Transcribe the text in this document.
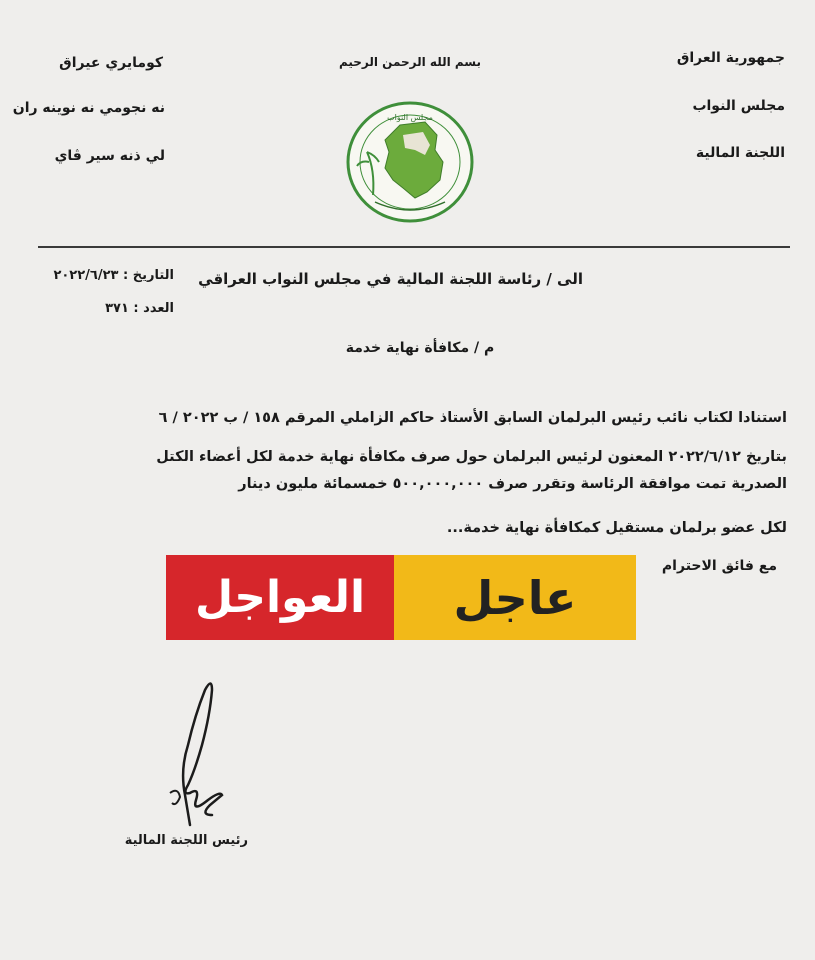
جمهورية العراق
مجلس النواب
اللجنة المالية
بسم الله الرحمن الرحيم
مجلس النواب
كومايري عيراق
نه نجومي نه نوينه ران
لي ذنه سير ڤاي
الى / رئاسة اللجنة المالية في مجلس النواب العراقي
التاريخ : ٢٠٢٢/٦/٢٣
العدد : ٣٧١
م / مكافأة نهاية خدمة
استنادا لكتاب نائب رئيس البرلمان السابق الأستاذ حاكم الزاملي المرقم ١٥٨ / ب ٢٠٢٢ / ٦
بتاريخ ٢٠٢٢/٦/١٢ المعنون لرئيس البرلمان حول صرف مكافأة نهاية خدمة لكل أعضاء الكتل
الصدرية تمت موافقة الرئاسة وتقرر صرف ٥٠٠,٠٠٠,٠٠٠ خمسمائة مليون دينار
لكل عضو برلمان مستقيل كمكافأة نهاية خدمة...
مع فائق الاحترام
العواجل	عاجل
رئيس اللجنة المالية
